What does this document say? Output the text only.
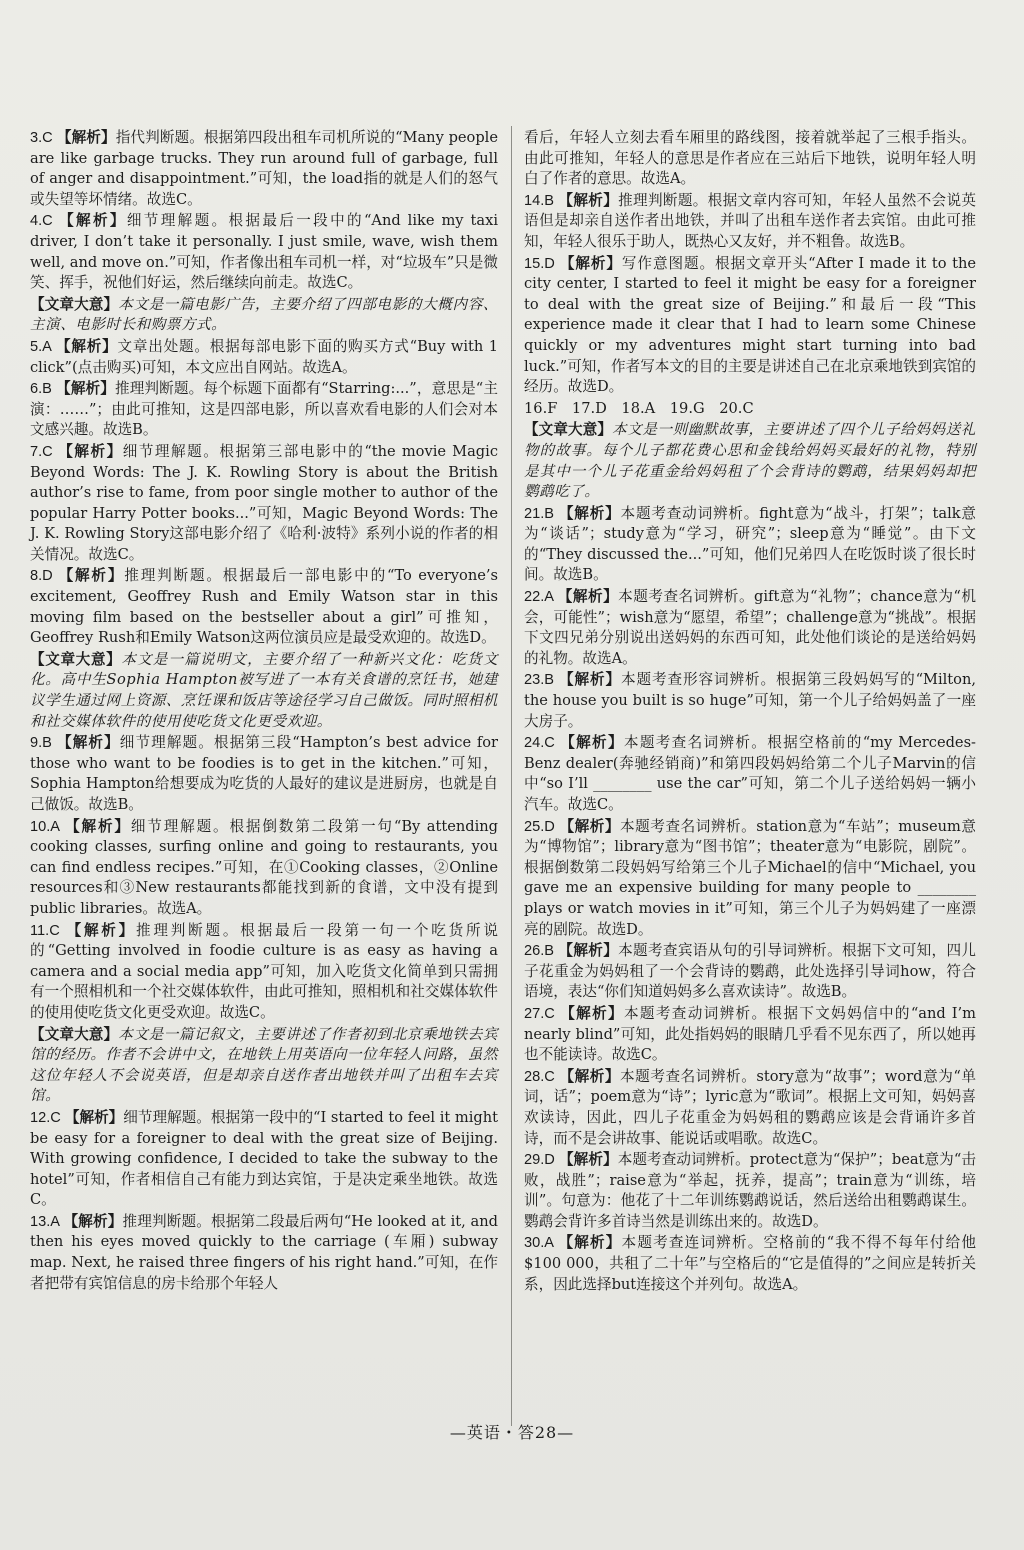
3.C 【解析】指代判断题。根据第四段出租车司机所说的“Many people are like garbage trucks. They run around full of garbage, full of anger and disappointment.”可知，the load指的就是人们的怒气或失望等坏情绪。故选C。
4.C 【解析】细节理解题。根据最后一段中的“And like my taxi driver, I don’t take it personally. I just smile, wave, wish them well, and move on.”可知，作者像出租车司机一样，对“垃圾车”只是微笑、挥手，祝他们好运，然后继续向前走。故选C。
【文章大意】本文是一篇电影广告，主要介绍了四部电影的大概内容、主演、电影时长和购票方式。
5.A 【解析】文章出处题。根据每部电影下面的购买方式“Buy with 1 click”(点击购买)可知，本文应出自网站。故选A。
6.B 【解析】推理判断题。每个标题下面都有“Starring:...”，意思是“主演：……”；由此可推知，这是四部电影，所以喜欢看电影的人们会对本文感兴趣。故选B。
7.C 【解析】细节理解题。根据第三部电影中的“the movie Magic Beyond Words: The J. K. Rowling Story is about the British author’s rise to fame, from poor single mother to author of the popular Harry Potter books...”可知，Magic Beyond Words: The J. K. Rowling Story这部电影介绍了《哈利·波特》系列小说的作者的相关情况。故选C。
8.D 【解析】推理判断题。根据最后一部电影中的“To everyone’s excitement, Geoffrey Rush and Emily Watson star in this moving film based on the bestseller about a girl”可推知，Geoffrey Rush和Emily Watson这两位演员应是最受欢迎的。故选D。
【文章大意】本文是一篇说明文，主要介绍了一种新兴文化：吃货文化。高中生Sophia Hampton被写进了一本有关食谱的烹饪书，她建议学生通过网上资源、烹饪课和饭店等途径学习自己做饭。同时照相机和社交媒体软件的使用使吃货文化更受欢迎。
9.B 【解析】细节理解题。根据第三段“Hampton’s best advice for those who want to be foodies is to get in the kitchen.”可知，Sophia Hampton给想要成为吃货的人最好的建议是进厨房，也就是自己做饭。故选B。
10.A 【解析】细节理解题。根据倒数第二段第一句“By attending cooking classes, surfing online and going to restaurants, you can find endless recipes.”可知，在①Cooking classes，②Online resources和③New restaurants都能找到新的食谱，文中没有提到public libraries。故选A。
11.C 【解析】推理判断题。根据最后一段第一句一个吃货所说的“Getting involved in foodie culture is as easy as having a camera and a social media app”可知，加入吃货文化简单到只需拥有一个照相机和一个社交媒体软件，由此可推知，照相机和社交媒体软件的使用使吃货文化更受欢迎。故选C。
【文章大意】本文是一篇记叙文，主要讲述了作者初到北京乘地铁去宾馆的经历。作者不会讲中文，在地铁上用英语向一位年轻人问路，虽然这位年轻人不会说英语，但是却亲自送作者出地铁并叫了出租车去宾馆。
12.C 【解析】细节理解题。根据第一段中的“I started to feel it might be easy for a foreigner to deal with the great size of Beijing. With growing confidence, I decided to take the subway to the hotel”可知，作者相信自己有能力到达宾馆，于是决定乘坐地铁。故选C。
13.A 【解析】推理判断题。根据第二段最后两句“He looked at it, and then his eyes moved quickly to the carriage (车厢) subway map. Next, he raised three fingers of his right hand.”可知，在作者把带有宾馆信息的房卡给那个年轻人
看后，年轻人立刻去看车厢里的路线图，接着就举起了三根手指头。由此可推知，年轻人的意思是作者应在三站后下地铁，说明年轻人明白了作者的意思。故选A。
14.B 【解析】推理判断题。根据文章内容可知，年轻人虽然不会说英语但是却亲自送作者出地铁，并叫了出租车送作者去宾馆。由此可推知，年轻人很乐于助人，既热心又友好，并不粗鲁。故选B。
15.D 【解析】写作意图题。根据文章开头“After I made it to the city center, I started to feel it might be easy for a foreigner to deal with the great size of Beijing.”和最后一段“This experience made it clear that I had to learn some Chinese quickly or my adventures might start turning into bad luck.”可知，作者写本文的目的主要是讲述自己在北京乘地铁到宾馆的经历。故选D。
16.F　17.D　18.A　19.G　20.C
【文章大意】本文是一则幽默故事，主要讲述了四个儿子给妈妈送礼物的故事。每个儿子都花费心思和金钱给妈妈买最好的礼物，特别是其中一个儿子花重金给妈妈租了个会背诗的鹦鹉，结果妈妈却把鹦鹉吃了。
21.B 【解析】本题考查动词辨析。fight意为“战斗，打架”；talk意为“谈话”；study意为“学习，研究”；sleep意为“睡觉”。由下文的“They discussed the...”可知，他们兄弟四人在吃饭时谈了很长时间。故选B。
22.A 【解析】本题考查名词辨析。gift意为“礼物”；chance意为“机会，可能性”；wish意为“愿望，希望”；challenge意为“挑战”。根据下文四兄弟分别说出送妈妈的东西可知，此处他们谈论的是送给妈妈的礼物。故选A。
23.B 【解析】本题考查形容词辨析。根据第三段妈妈写的“Milton, the house you built is so huge”可知，第一个儿子给妈妈盖了一座大房子。
24.C 【解析】本题考查名词辨析。根据空格前的“my Mercedes-Benz dealer(奔驰经销商)”和第四段妈妈给第二个儿子Marvin的信中“so I’ll ________ use the car”可知，第二个儿子送给妈妈一辆小汽车。故选C。
25.D 【解析】本题考查名词辨析。station意为“车站”；museum意为“博物馆”；library意为“图书馆”；theater意为“电影院，剧院”。根据倒数第二段妈妈写给第三个儿子Michael的信中“Michael, you gave me an expensive building for many people to ________ plays or watch movies in it”可知，第三个儿子为妈妈建了一座漂亮的剧院。故选D。
26.B 【解析】本题考查宾语从句的引导词辨析。根据下文可知，四儿子花重金为妈妈租了一个会背诗的鹦鹉，此处选择引导词how，符合语境，表达“你们知道妈妈多么喜欢读诗”。故选B。
27.C 【解析】本题考查动词辨析。根据下文妈妈信中的“and I’m nearly blind”可知，此处指妈妈的眼睛几乎看不见东西了，所以她再也不能读诗。故选C。
28.C 【解析】本题考查名词辨析。story意为“故事”；word意为“单词，话”；poem意为“诗”；lyric意为“歌词”。根据上文可知，妈妈喜欢读诗，因此，四儿子花重金为妈妈租的鹦鹉应该是会背诵许多首诗，而不是会讲故事、能说话或唱歌。故选C。
29.D 【解析】本题考查动词辨析。protect意为“保护”；beat意为“击败，战胜”；raise意为“举起，抚养，提高”；train意为“训练，培训”。句意为：他花了十二年训练鹦鹉说话，然后送给出租鹦鹉谋生。鹦鹉会背许多首诗当然是训练出来的。故选D。
30.A 【解析】本题考查连词辨析。空格前的“我不得不每年付给他$100 000，共租了二十年”与空格后的“它是值得的”之间应是转折关系，因此选择but连接这个并列句。故选A。
—英语・答28—
